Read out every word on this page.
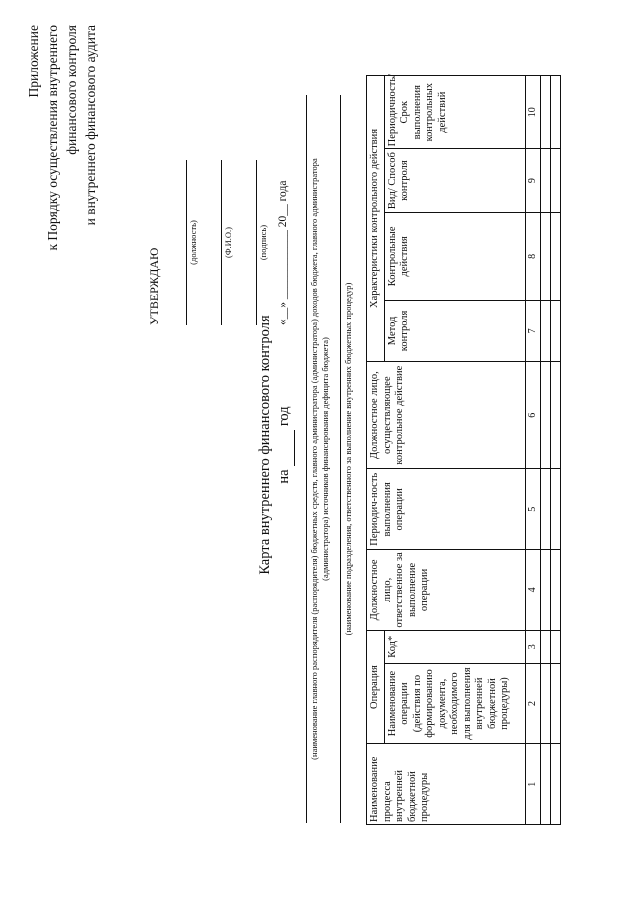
Приложение к Порядку осуществления внутреннего финансового контроля и внутреннего финансового аудита
УТВЕРЖДАЮ
(должность)	(Ф.И.О.)	(подпись) «__» ____________ 20__ года
Карта внутреннего финансового контроля на   год	(наименование главного распорядителя (распорядителя) бюджетных средств, главного администратора (администратора) доходов бюджета, главного администратора (администратора) источников финансирования дефицита бюджета) (наименование подразделения, ответственного за выполнение внутренних бюджетных процедур)
Наименование процесса внутренней бюджетной процедуры	Операция		Должностное лицо, ответственное за выполнение операции	Периодич-ность выполнения операции	Должностное лицо, осуществляющее контрольное действие	Характеристики контрольного действия			
	Наименование операции (действия по формированию документа, необходимого для выполнения внутренней бюджетной процедуры)	Код*				Метод контроля	Контрольные действия	Вид/ Способ контроля	Периодичность/ Срок выполнения контрольных действий
1	2	3	4	5	6	7	8	9	10
